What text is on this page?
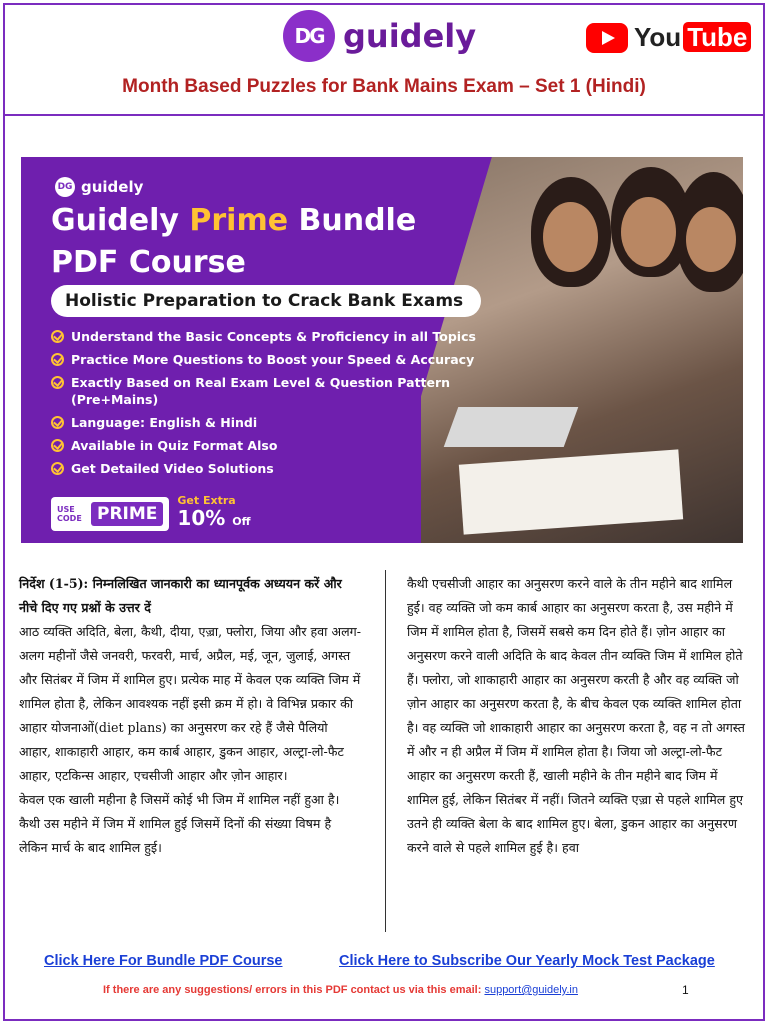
DG guidely	You Tube
Month Based Puzzles for Bank Mains Exam – Set 1 (Hindi)
DG guidely
Guidely Prime Bundle
PDF Course
Holistic Preparation to Crack Bank Exams
Understand the Basic Concepts & Proficiency in all Topics
Practice More Questions to Boost your Speed & Accuracy
Exactly Based on Real Exam Level & Question Pattern (Pre+Mains)
Language: English & Hindi
Available in Quiz Format Also
Get Detailed Video Solutions
USE CODE PRIME
Get Extra
10% Off

निर्देश (1-5): निम्नलिखित जानकारी का ध्यानपूर्वक अध्ययन करें और नीचे दिए गए प्रश्नों के उत्तर दें

आठ व्यक्ति अदिति, बेला, कैथी, दीया, एज़्रा, फ्लोरा, जिया और हवा अलग-अलग महीनों जैसे जनवरी, फरवरी, मार्च, अप्रैल, मई, जून, जुलाई, अगस्त और सितंबर में जिम में शामिल हुए। प्रत्येक माह में केवल एक व्यक्ति जिम में शामिल होता है, लेकिन आवश्यक नहीं इसी क्रम में हो। वे विभिन्न प्रकार की आहार योजनाओं(diet plans) का अनुसरण कर रहे हैं जैसे पैलियो आहार, शाकाहारी आहार, कम कार्ब आहार, डुकन आहार, अल्ट्रा-लो-फैट आहार, एटकिन्स आहार, एचसीजी आहार और ज़ोन आहार।

केवल एक खाली महीना है जिसमें कोई भी जिम में शामिल नहीं हुआ है। कैथी उस महीने में जिम में शामिल हुई जिसमें दिनों की संख्या विषम है लेकिन मार्च के बाद शामिल हुई।

कैथी एचसीजी आहार का अनुसरण करने वाले के तीन महीने बाद शामिल हुई। वह व्यक्ति जो कम कार्ब आहार का अनुसरण करता है, उस महीने में जिम में शामिल होता है, जिसमें सबसे कम दिन होते हैं। ज़ोन आहार का अनुसरण करने वाली अदिति के बाद केवल तीन व्यक्ति जिम में शामिल होते हैं। फ्लोरा, जो शाकाहारी आहार का अनुसरण करती है और वह व्यक्ति जो ज़ोन आहार का अनुसरण करता है, के बीच केवल एक व्यक्ति शामिल होता है। वह व्यक्ति जो शाकाहारी आहार का अनुसरण करता है, वह न तो अगस्त में और न ही अप्रैल में जिम में शामिल होता है। जिया जो अल्ट्रा-लो-फैट आहार का अनुसरण करती हैं, खाली महीने के तीन महीने बाद जिम में शामिल हुई, लेकिन सितंबर में नहीं। जितने व्यक्ति एज़्रा से पहले शामिल हुए उतने ही व्यक्ति बेला के बाद शामिल हुए। बेला, डुकन आहार का अनुसरण करने वाले से पहले शामिल हुई है। हवा

Click Here For Bundle PDF Course	Click Here to Subscribe Our Yearly Mock Test Package
If there are any suggestions/ errors in this PDF contact us via this email: support@guidely.in	1
